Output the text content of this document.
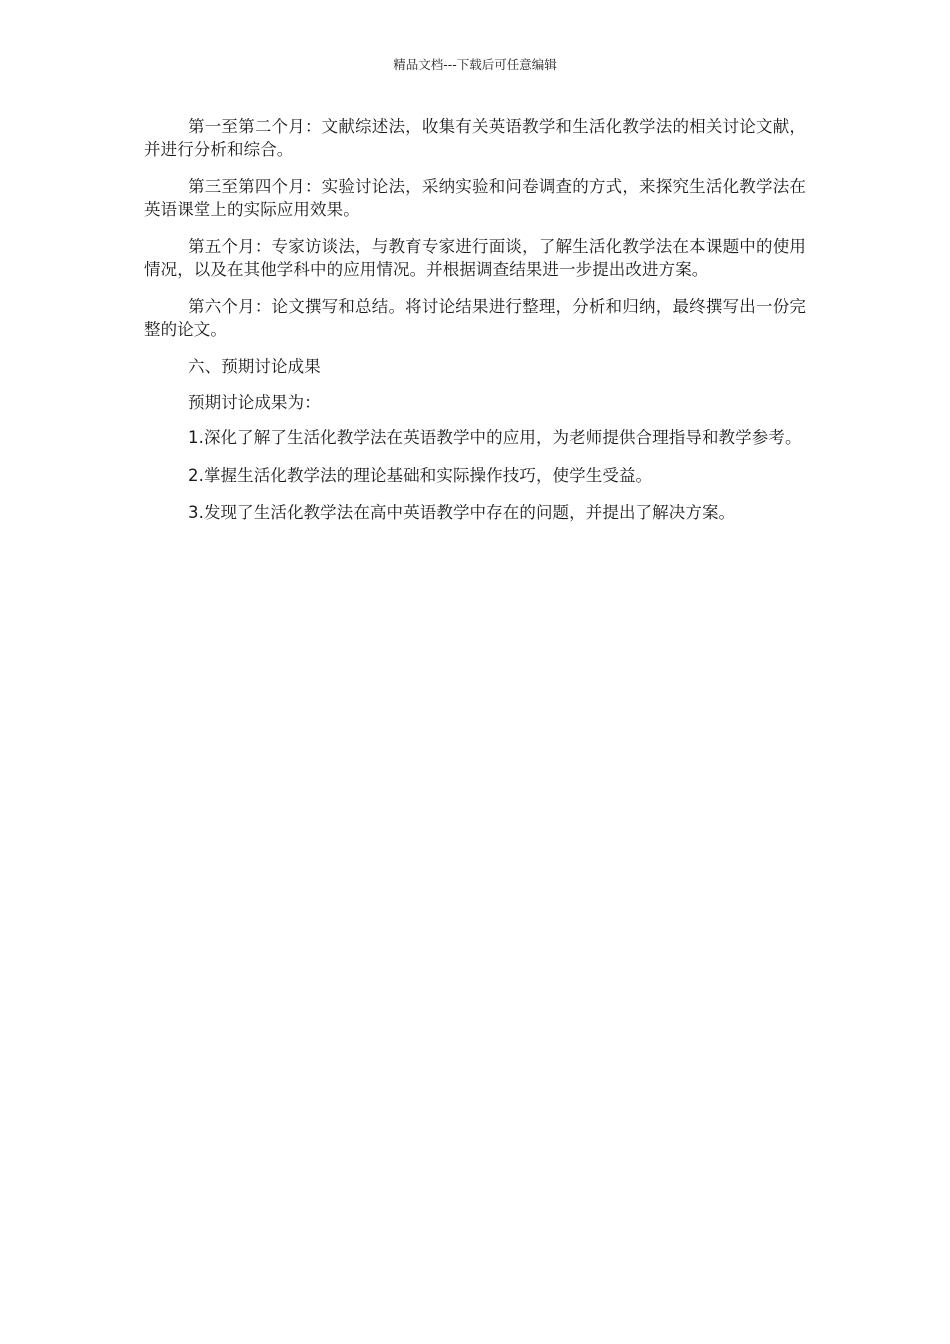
精品文档---下载后可任意编辑

第一至第二个月：文献综述法，收集有关英语教学和生活化教学法的相关讨论文献，并进行分析和综合。

第三至第四个月：实验讨论法，采纳实验和问卷调查的方式，来探究生活化教学法在英语课堂上的实际应用效果。

第五个月：专家访谈法，与教育专家进行面谈，了解生活化教学法在本课题中的使用情况，以及在其他学科中的应用情况。并根据调查结果进一步提出改进方案。

第六个月：论文撰写和总结。将讨论结果进行整理，分析和归纳，最终撰写出一份完整的论文。

六、预期讨论成果

预期讨论成果为：

1.深化了解了生活化教学法在英语教学中的应用，为老师提供合理指导和教学参考。

2.掌握生活化教学法的理论基础和实际操作技巧，使学生受益。

3.发现了生活化教学法在高中英语教学中存在的问题，并提出了解决方案。
